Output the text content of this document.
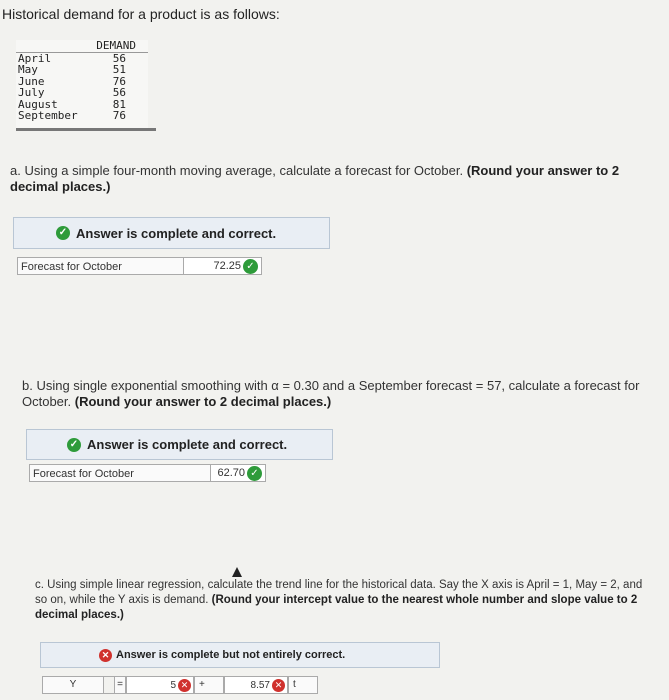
Historical demand for a product is as follows:
DEMAND
April	56
May	51
June	76
July	56
August	81
September	76
a. Using a simple four-month moving average, calculate a forecast for October. (Round your answer to 2 decimal places.)
✓ Answer is complete and correct.
Forecast for October	72.25 ✓
b. Using single exponential smoothing with α = 0.30 and a September forecast = 57, calculate a forecast for October. (Round your answer to 2 decimal places.)
✓ Answer is complete and correct.
Forecast for October	62.70 ✓
c. Using simple linear regression, calculate the trend line for the historical data. Say the X axis is April = 1, May = 2, and so on, while the Y axis is demand. (Round your intercept value to the nearest whole number and slope value to 2 decimal places.)
✕ Answer is complete but not entirely correct.
Y	=	5 ✕	+	8.57 ✕	t
